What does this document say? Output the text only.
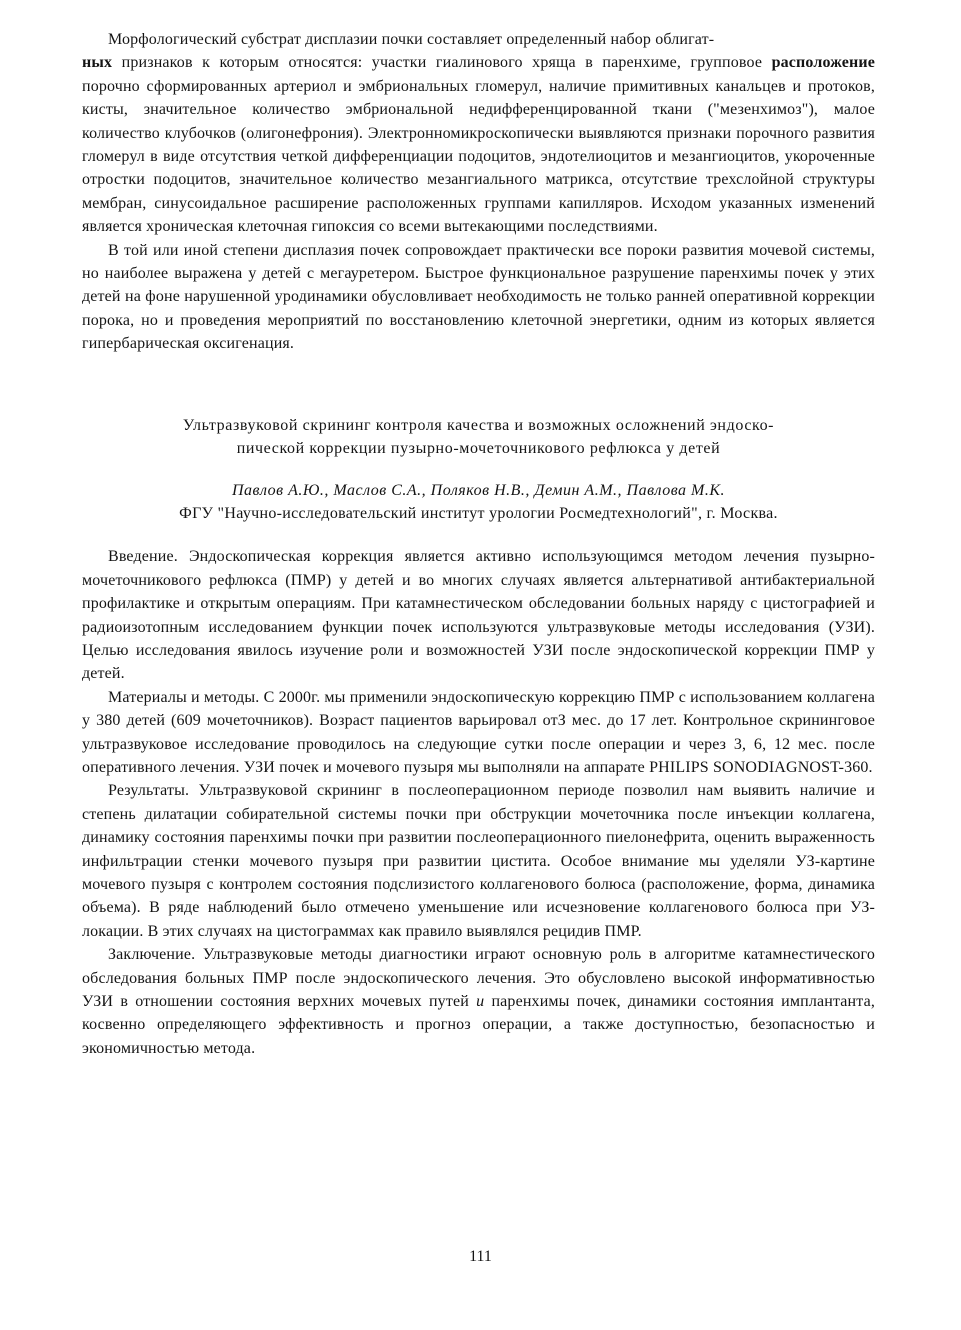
Морфологический субстрат дисплазии почки составляет определенный набор облигат-
ных признаков к которым относятся: участки гиалинового хряща в паренхиме, групповое расположение порочно сформированных артериол и эмбриональных гломерул, наличие примитивных канальцев и протоков, кисты, значительное количество эмбриональной недифференцированной ткани ("мезенхимоз"), малое количество клубочков (олигонефрония). Электронномикроскопически выявляются признаки порочного развития гломерул в виде отсутствия четкой дифференциации подоцитов, эндотелиоцитов и мезангиоцитов, укороченные отростки подоцитов, значительное количество мезангиального матрикса, отсутствие трехслойной структуры мембран, синусоидальное расширение расположенных группами капилляров. Исходом указанных изменений является хроническая клеточная гипоксия со всеми вытекающими последствиями.

В той или иной степени дисплазия почек сопровождает практически все пороки развития мочевой системы, но наиболее выражена у детей с мегауретером. Быстрое функциональное разрушение паренхимы почек у этих детей на фоне нарушенной уродинамики обусловливает необходимость не только ранней оперативной коррекции порока, но и проведения мероприятий по восстановлению клеточной энергетики, одним из которых является гипербарическая оксигенация.

Ультразвуковой скрининг контроля качества и возможных осложнений эндоско-
пической коррекции пузырно-мочеточникового рефлюкса у детей

Павлов А.Ю., Маслов С.А., Поляков Н.В., Демин А.М., Павлова М.К.

ФГУ "Научно-исследовательский институт урологии Росмедтехнологий", г. Москва.

Введение. Эндоскопическая коррекция является активно использующимся методом лечения пузырно-мочеточникового рефлюкса (ПМР) у детей и во многих случаях является альтернативой антибактериальной профилактике и открытым операциям. При катамнестическом обследовании больных наряду с цистографией и радиоизотопным исследованием функции почек используются ультразвуковые методы исследования (УЗИ). Целью исследования явилось изучение роли и возможностей УЗИ после эндоскопической коррекции ПМР у детей.

Материалы и методы. С 2000г. мы применили эндоскопическую коррекцию ПМР с использованием коллагена у 380 детей (609 мочеточников). Возраст пациентов варьировал отЗ мес. до 17 лет. Контрольное скрининговое ультразвуковое исследование проводилось на следующие сутки после операции и через 3, 6, 12 мес. после оперативного лечения. УЗИ почек и мочевого пузыря мы выполняли на аппарате PHILIPS SONODIAGNOST-360.

Результаты. Ультразвуковой скрининг в послеоперационном периоде позволил нам выявить наличие и степень дилатации собирательной системы почки при обструкции мочеточника после инъекции коллагена, динамику состояния паренхимы почки при развитии послеоперационного пиелонефрита, оценить выраженность инфильтрации стенки мочевого пузыря при развитии цистита. Особое внимание мы уделяли УЗ-картине мочевого пузыря с контролем состояния подслизистого коллагенового болюса (расположение, форма, динамика объема). В ряде наблюдений было отмечено уменьшение или исчезновение коллагенового болюса при УЗ-локации. В этих случаях на цистограммах как правило выявлялся рецидив ПМР.

Заключение. Ультразвуковые методы диагностики играют основную роль в алгоритме катамнестического обследования больных ПМР после эндоскопического лечения. Это обусловлено высокой информативностью УЗИ в отношении состояния верхних мочевых путей и паренхимы почек, динамики состояния имплантанта, косвенно определяющего эффективность и прогноз операции, а также доступностью, безопасностью и экономичностью метода.

111
